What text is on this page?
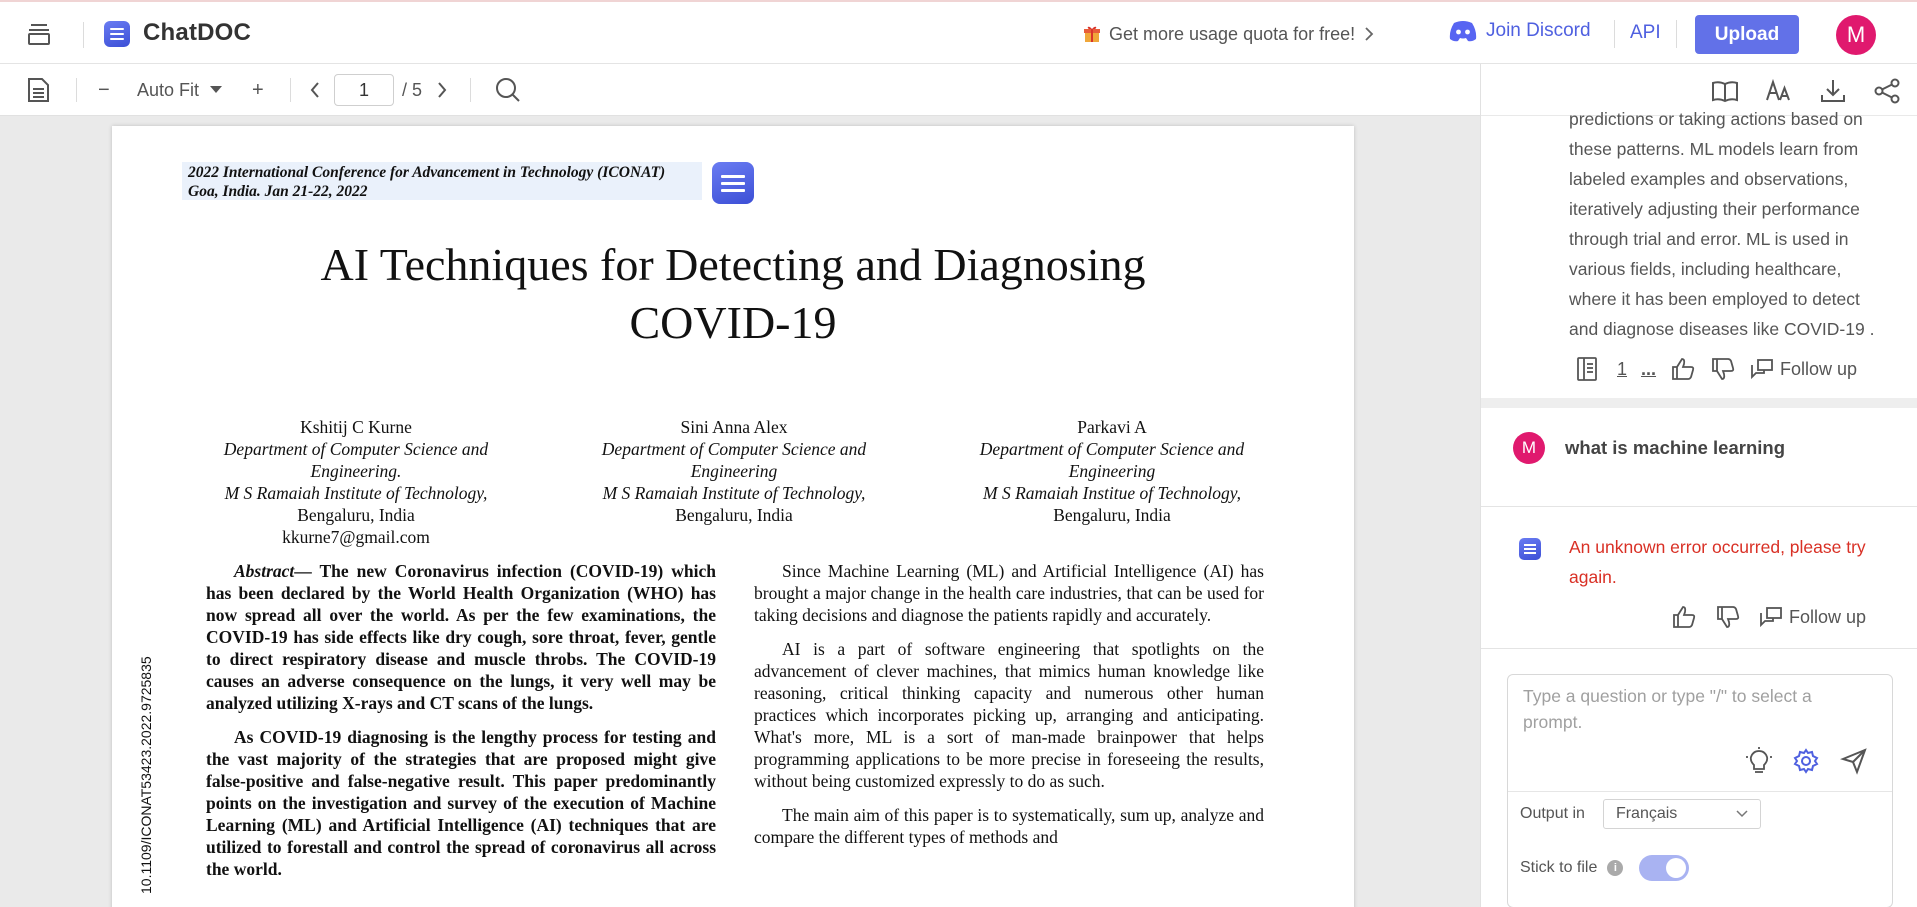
ChatDOC	Get more usage quota for free!	Join Discord API	Upload	M
− Auto Fit	+
1	/ 5
2022 International Conference for Advancement in Technology (ICONAT)
Goa, India. Jan 21-22, 2022
AI Techniques for Detecting and Diagnosing
COVID-19
Kshitij C Kurne
Department of Computer Science and
Engineering.
M S Ramaiah Institute of Technology,
Bengaluru, India
kkurne7@gmail.com
Sini Anna Alex
Department of Computer Science and
Engineering
M S Ramaiah Institute of Technology,
Bengaluru, India
Parkavi A
Department of Computer Science and
Engineering
M S Ramaiah Institue of Technology,
Bengaluru, India

Abstract— The new Coronavirus infection (COVID-19) which has been declared by the World Health Organization (WHO) has now spread all over the world. As per the few examinations, the COVID-19 has side effects like dry cough, sore throat, fever, gentle to direct respiratory disease and muscle throbs. The COVID-19 causes an adverse consequence on the lungs, it very well may be analyzed utilizing X-rays and CT scans of the lungs.

As COVID-19 diagnosing is the lengthy process for testing and the vast majority of the strategies that are proposed might give false-positive and false-negative result. This paper predominantly points on the investigation and survey of the execution of Machine Learning (ML) and Artificial Intelligence (AI) techniques that are utilized to forestall and control the spread of coronavirus all across the world.

Since Machine Learning (ML) and Artificial Intelligence (AI) has brought a major change in the health care industries, that can be used for taking decisions and diagnose the patients rapidly and accurately.

AI is a part of software engineering that spotlights on the advancement of clever machines, that mimics human knowledge like reasoning, critical thinking capacity and numerous other human practices which incorporates picking up, arranging and anticipating. What's more, ML is a sort of man-made brainpower that helps programming applications to be more precise in foreseeing the results, without being customized expressly to do as such.

The main aim of this paper is to systematically, sum up, analyze and compare the different types of methods and

10.1109/ICONAT53423.2022.9725835
predictions or taking actions based on these patterns. ML models learn from labeled examples and observations, iteratively adjusting their performance through trial and error. ML is used in various fields, including healthcare, where it has been employed to detect and diagnose diseases like COVID-19 .
1 ...	Follow up
M	what is machine learning
An unknown error occurred, please try again.
Follow up
Type a question or type "/" to select a prompt.
Output in Français
Stick to file	i
